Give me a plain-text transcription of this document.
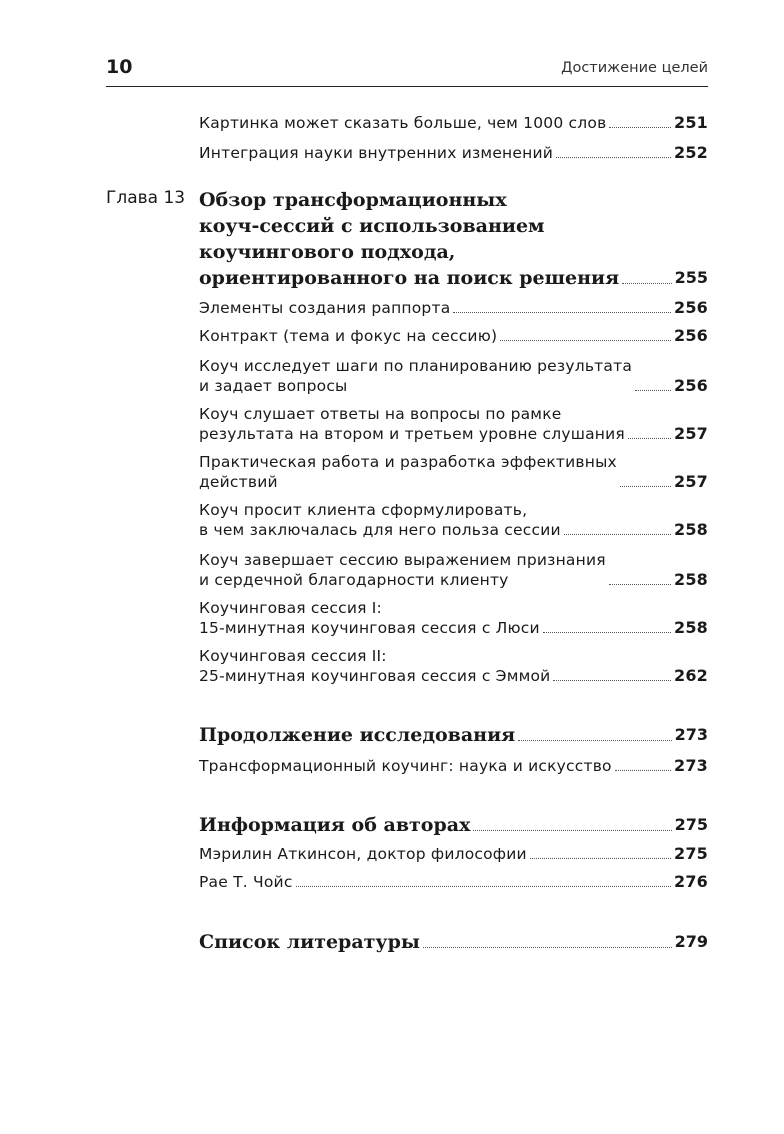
10	Достижение целей
Картинка может сказать больше, чем 1000 слов	251
Интеграция науки внутренних изменений	252
Глава 13 Обзор трансформационных
коуч-сессий с использованием
коучингового подхода,
ориентированного на поиск решения	255
Элементы создания раппорта	256
Контракт (тема и фокус на сессию)	256
Коуч исследует шаги по планированию результата
и задает вопросы	256
Коуч слушает ответы на вопросы по рамке
результата на втором и третьем уровне слушания	257
Практическая работа и разработка эффективных
действий	257
Коуч просит клиента сформулировать,
в чем заключалась для него польза сессии	258
Коуч завершает сессию выражением признания
и сердечной благодарности клиенту	258
Коучинговая сессия I:
15-минутная коучинговая сессия с Люси	258
Коучинговая сессия II:
25-минутная коучинговая сессия с Эммой	262
Продолжение исследования	273
Трансформационный коучинг: наука и искусство	273
Информация об авторах	275
Мэрилин Аткинсон, доктор философии	275
Рае Т. Чойс	276
Список литературы	279
